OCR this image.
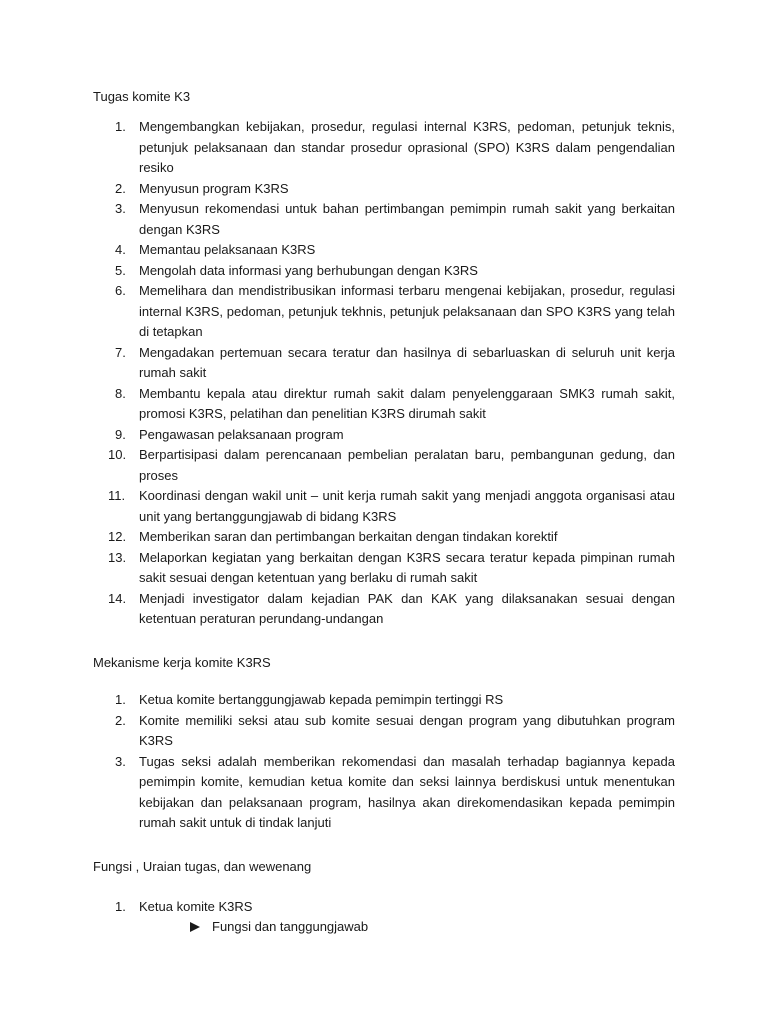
Tugas komite K3
1. Mengembangkan kebijakan, prosedur, regulasi internal K3RS, pedoman, petunjuk teknis, petunjuk pelaksanaan dan standar prosedur oprasional (SPO) K3RS dalam pengendalian resiko
2. Menyusun program K3RS
3. Menyusun rekomendasi untuk bahan pertimbangan pemimpin rumah sakit yang berkaitan dengan K3RS
4. Memantau pelaksanaan K3RS
5. Mengolah data informasi yang berhubungan dengan K3RS
6. Memelihara dan mendistribusikan informasi terbaru mengenai kebijakan, prosedur, regulasi internal K3RS, pedoman, petunjuk tekhnis, petunjuk pelaksanaan dan SPO K3RS yang telah di tetapkan
7. Mengadakan pertemuan secara teratur dan hasilnya di sebarluaskan di seluruh unit kerja rumah sakit
8. Membantu kepala atau direktur rumah sakit dalam penyelenggaraan SMK3 rumah sakit, promosi K3RS, pelatihan dan penelitian K3RS dirumah sakit
9. Pengawasan pelaksanaan program
10. Berpartisipasi dalam perencanaan pembelian peralatan baru, pembangunan gedung, dan proses
11. Koordinasi dengan wakil unit – unit kerja rumah sakit yang menjadi anggota organisasi atau unit yang bertanggungjawab di bidang K3RS
12. Memberikan saran dan pertimbangan berkaitan dengan tindakan korektif
13. Melaporkan kegiatan yang berkaitan dengan K3RS secara teratur kepada pimpinan rumah sakit sesuai dengan ketentuan yang berlaku di rumah sakit
14. Menjadi investigator dalam kejadian PAK dan KAK yang dilaksanakan sesuai dengan ketentuan peraturan perundang-undangan
Mekanisme kerja komite K3RS
1. Ketua komite bertanggungjawab kepada pemimpin tertinggi RS
2. Komite memiliki seksi atau sub komite sesuai dengan program yang dibutuhkan program K3RS
3. Tugas seksi adalah memberikan rekomendasi dan masalah terhadap bagiannya kepada pemimpin komite, kemudian ketua komite dan seksi lainnya berdiskusi untuk menentukan kebijakan dan pelaksanaan program, hasilnya akan direkomendasikan kepada pemimpin rumah sakit untuk di tindak lanjuti
Fungsi , Uraian tugas, dan wewenang
1. Ketua komite K3RS
Fungsi dan tanggungjawab
